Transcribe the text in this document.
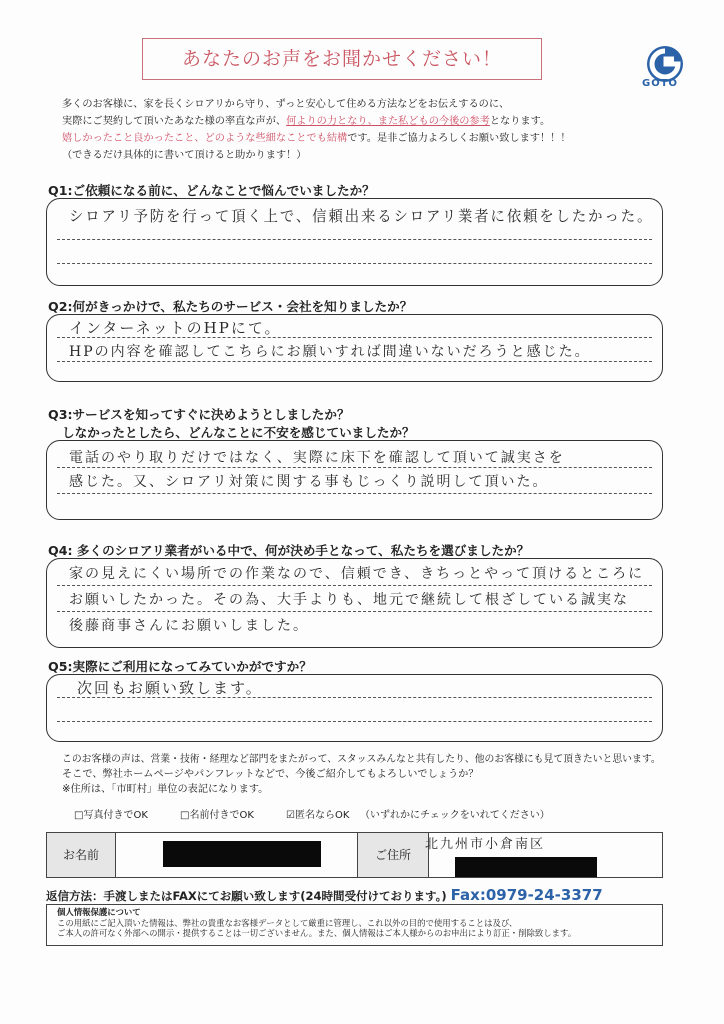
あなたのお声をお聞かせください！
GOTO
多くのお客様に、家を長くシロアリから守り、ずっと安心して住める方法などをお伝えするのに、
実際にご契約して頂いたあなた様の率直な声が、何よりの力となり、また私どもの今後の参考となります。
嬉しかったこと良かったこと、どのような些細なことでも結構です。是非ご協力よろしくお願い致します！！！
（できるだけ具体的に書いて頂けると助かります！）
Q1:ご依頼になる前に、どんなことで悩んでいましたか？
シロアリ予防を行って頂く上で、信頼出来るシロアリ業者に依頼をしたかった。
Q2:何がきっかけで、私たちのサービス・会社を知りましたか？
インターネットのHPにて。
HPの内容を確認してこちらにお願いすれば間違いないだろうと感じた。
Q3:サービスを知ってすぐに決めようとしましたか？
しなかったとしたら、どんなことに不安を感じていましたか？
電話のやり取りだけではなく、実際に床下を確認して頂いて誠実さを
感じた。又、シロアリ対策に関する事もじっくり説明して頂いた。
Q4: 多くのシロアリ業者がいる中で、何が決め手となって、私たちを選びましたか？
家の見えにくい場所での作業なので、信頼でき、きちっとやって頂けるところに
お願いしたかった。その為、大手よりも、地元で継続して根ざしている誠実な
後藤商事さんにお願いしました。
Q5:実際にご利用になってみていかがですか？
次回もお願い致します。
このお客様の声は、営業・技術・経理など部門をまたがって、スタッスみんなと共有したり、他のお客様にも見て頂きたいと思います。
そこで、弊社ホームページやパンフレットなどで、今後ご紹介してもよろしいでしょうか？
※住所は、「市町村」単位の表記になります。
□写真付きでOK	□名前付きでOK	☑匿名ならOK （いずれかにチェックをいれてください）
お名前	ご住所
北九州市小倉南区
返信方法：手渡しまたはFAXにてお願い致します(24時間受付けております。) Fax:0979-24-3377
個人情報保護について
この用紙にご記入頂いた情報は、弊社の貴重なお客様データとして厳重に管理し、これ以外の目的で使用することは及び、
ご本人の許可なく外部への開示・提供することは一切ございません。また、個人情報はご本人様からのお申出により訂正・削除致します。
